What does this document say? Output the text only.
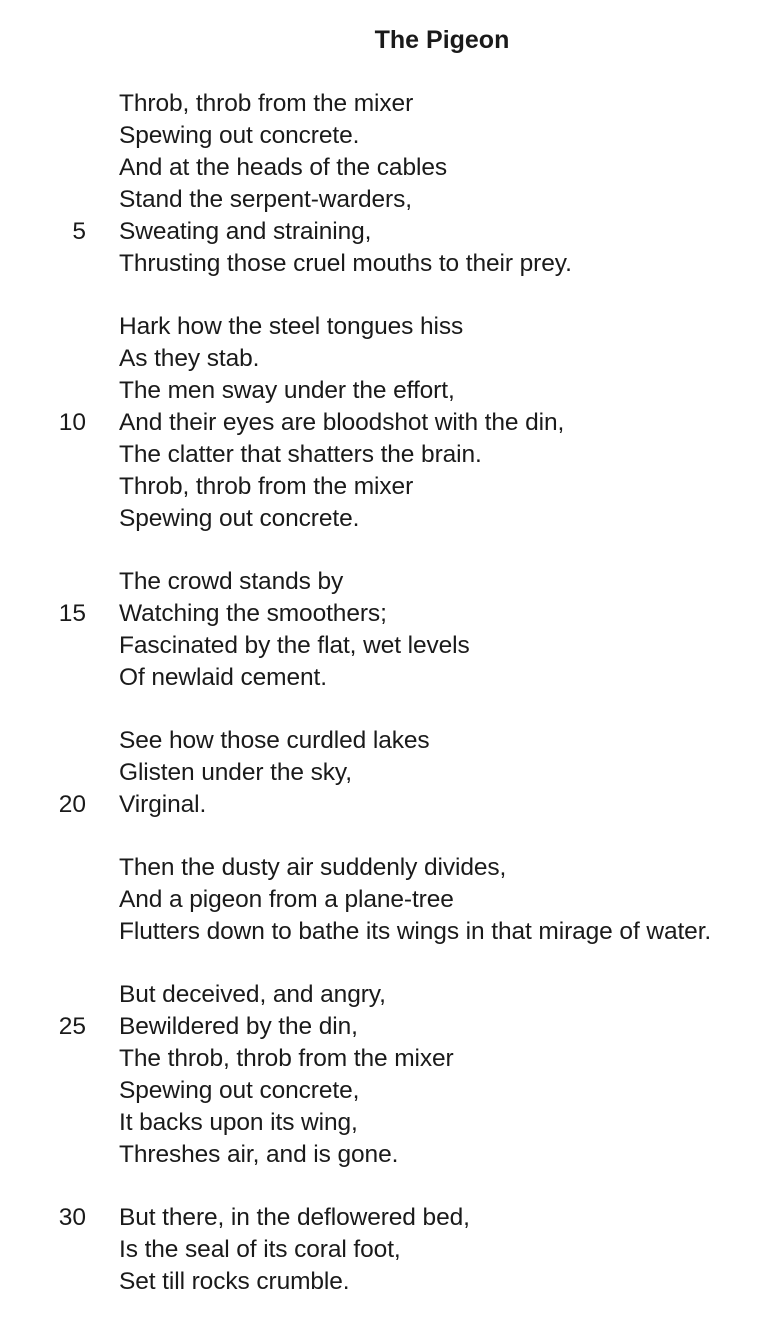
The Pigeon
Throb, throb from the mixer
Spewing out concrete.
And at the heads of the cables
Stand the serpent-warders,
5 Sweating and straining,
Thrusting those cruel mouths to their prey.
Hark how the steel tongues hiss
As they stab.
The men sway under the effort,
10 And their eyes are bloodshot with the din,
The clatter that shatters the brain.
Throb, throb from the mixer
Spewing out concrete.
The crowd stands by
15 Watching the smoothers;
Fascinated by the flat, wet levels
Of newlaid cement.
See how those curdled lakes
Glisten under the sky,
20 Virginal.
Then the dusty air suddenly divides,
And a pigeon from a plane-tree
Flutters down to bathe its wings in that mirage of water.
But deceived, and angry,
25 Bewildered by the din,
The throb, throb from the mixer
Spewing out concrete,
It backs upon its wing,
Threshes air, and is gone.
30 But there, in the deflowered bed,
Is the seal of its coral foot,
Set till rocks crumble.
